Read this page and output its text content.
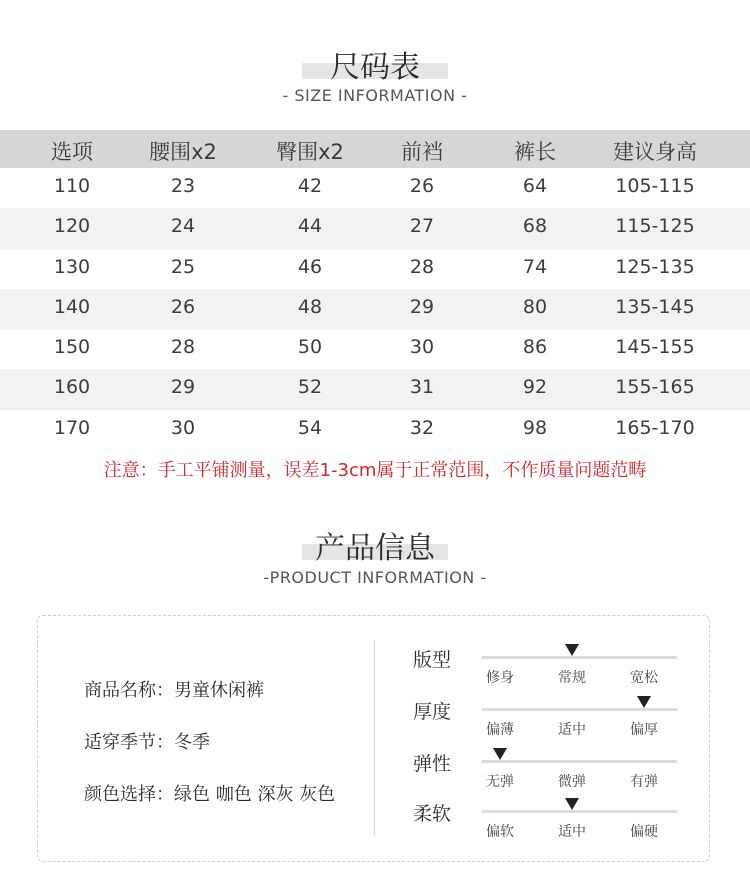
尺码表
- SIZE INFORMATION -
选项	腰围x2	臀围x2	前裆	裤长	建议身高
110	23	42	26	64	105-115
120	24	44	27	68	115-125
130	25	46	28	74	125-135
140	26	48	29	80	135-145
150	28	50	30	86	145-155
160	29	52	31	92	155-165
170	30	54	32	98	165-170
注意：手工平铺测量，误差1-3cm属于正常范围，不作质量问题范畴
产品信息
-PRODUCT INFORMATION -
商品名称：男童休闲裤
适穿季节：冬季
颜色选择：绿色 咖色 深灰 灰色
版型
修身	常规	宽松
厚度
偏薄	适中	偏厚
弹性
无弹	微弹	有弹
柔软
偏软	适中	偏硬
